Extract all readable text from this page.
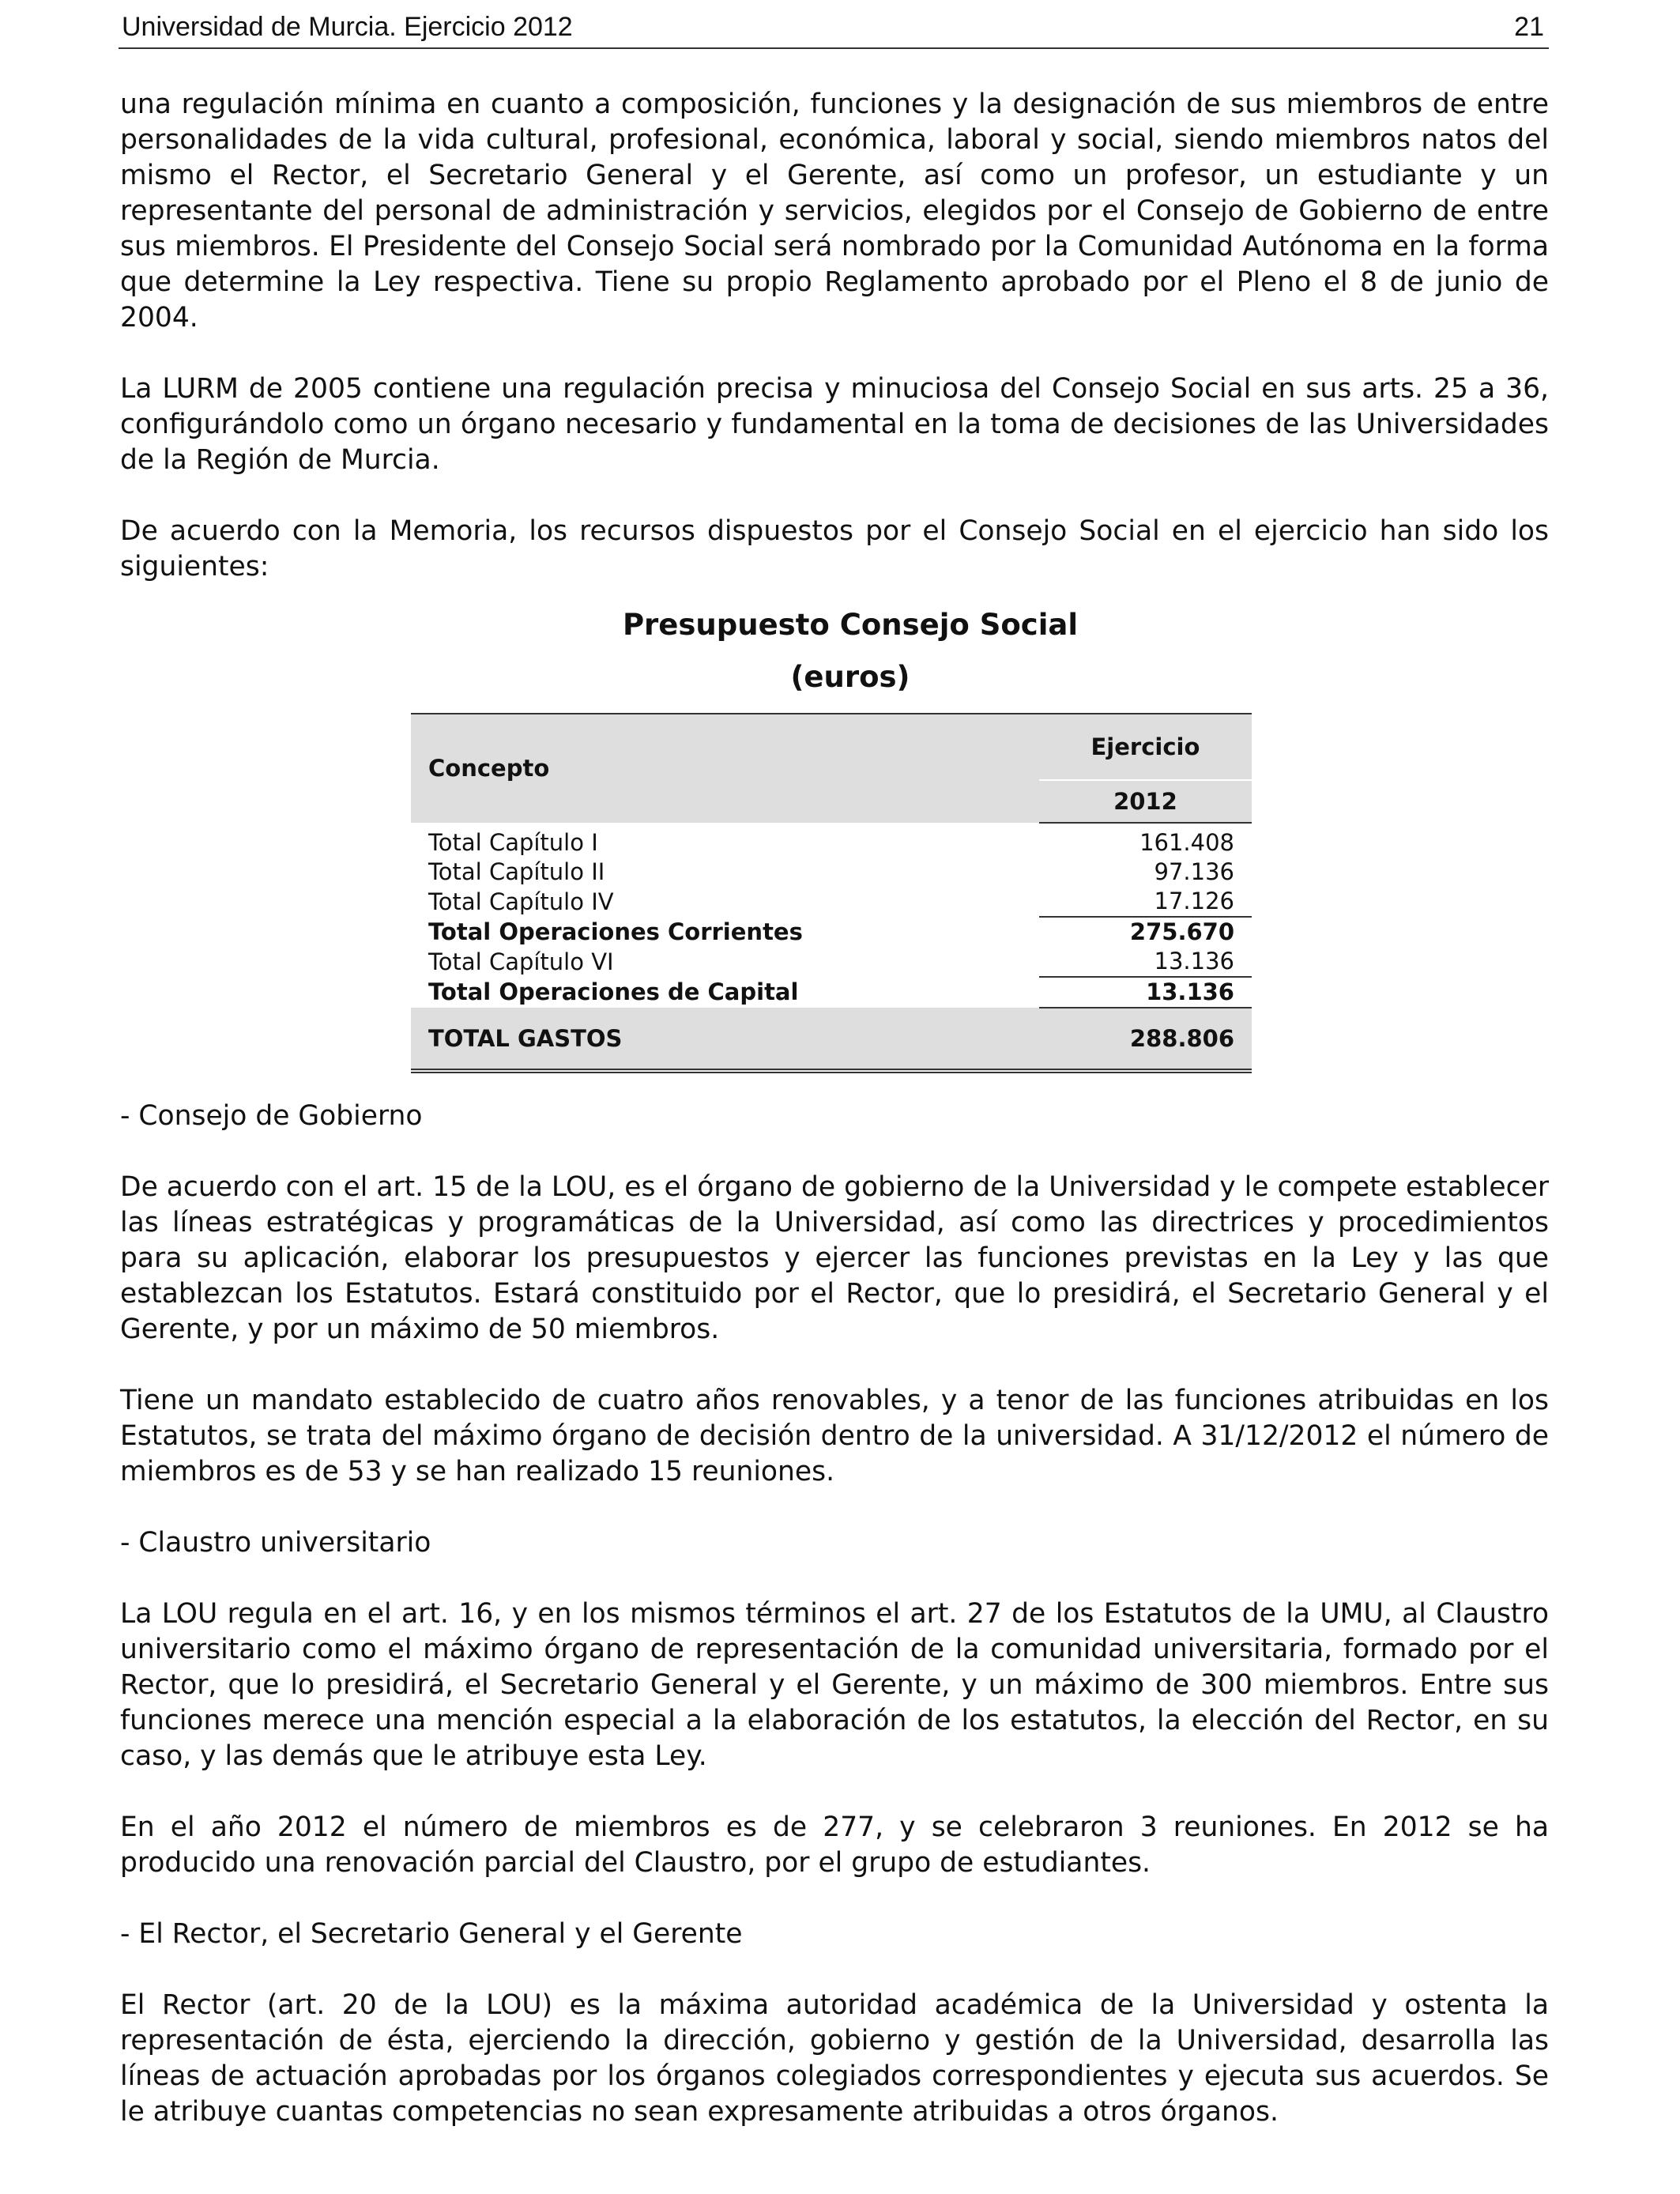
Universidad de Murcia. Ejercicio 2012	21

una regulación mínima en cuanto a composición, funciones y la designación de sus miembros de entre personalidades de la vida cultural, profesional, económica, laboral y social, siendo miembros natos del mismo el Rector, el Secretario General y el Gerente, así como un profesor, un estudiante y un representante del personal de administración y servicios, elegidos por el Consejo de Gobierno de entre sus miembros. El Presidente del Consejo Social será nombrado por la Comunidad Autónoma en la forma que determine la Ley respectiva. Tiene su propio Reglamento aprobado por el Pleno el 8 de junio de 2004.

La LURM de 2005 contiene una regulación precisa y minuciosa del Consejo Social en sus arts. 25 a 36, configurándolo como un órgano necesario y fundamental en la toma de decisiones de las Universidades de la Región de Murcia.

De acuerdo con la Memoria, los recursos dispuestos por el Consejo Social en el ejercicio han sido los siguientes:

Presupuesto Consejo Social

(euros)

Concepto	Ejercicio
	2012
Total Capítulo I	161.408
Total Capítulo II	97.136
Total Capítulo IV	17.126
Total Operaciones Corrientes	275.670
Total Capítulo VI	13.136
Total Operaciones de Capital	13.136
TOTAL GASTOS	288.806

- Consejo de Gobierno

De acuerdo con el art. 15 de la LOU, es el órgano de gobierno de la Universidad y le compete establecer las líneas estratégicas y programáticas de la Universidad, así como las directrices y procedimientos para su aplicación, elaborar los presupuestos y ejercer las funciones previstas en la Ley y las que establezcan los Estatutos. Estará constituido por el Rector, que lo presidirá, el Secretario General y el Gerente, y por un máximo de 50 miembros.

Tiene un mandato establecido de cuatro años renovables, y a tenor de las funciones atribuidas en los Estatutos, se trata del máximo órgano de decisión dentro de la universidad. A 31/12/2012 el número de miembros es de 53 y se han realizado 15 reuniones.

- Claustro universitario

La LOU regula en el art. 16, y en los mismos términos el art. 27 de los Estatutos de la UMU, al Claustro universitario como el máximo órgano de representación de la comunidad universitaria, formado por el Rector, que lo presidirá, el Secretario General y el Gerente, y un máximo de 300 miembros. Entre sus funciones merece una mención especial a la elaboración de los estatutos, la elección del Rector, en su caso, y las demás que le atribuye esta Ley.

En el año 2012 el número de miembros es de 277, y se celebraron 3 reuniones. En 2012 se ha producido una renovación parcial del Claustro, por el grupo de estudiantes.

- El Rector, el Secretario General y el Gerente

El Rector (art. 20 de la LOU) es la máxima autoridad académica de la Universidad y ostenta la representación de ésta, ejerciendo la dirección, gobierno y gestión de la Universidad, desarrolla las líneas de actuación aprobadas por los órganos colegiados correspondientes y ejecuta sus acuerdos. Se le atribuye cuantas competencias no sean expresamente atribuidas a otros órganos.
